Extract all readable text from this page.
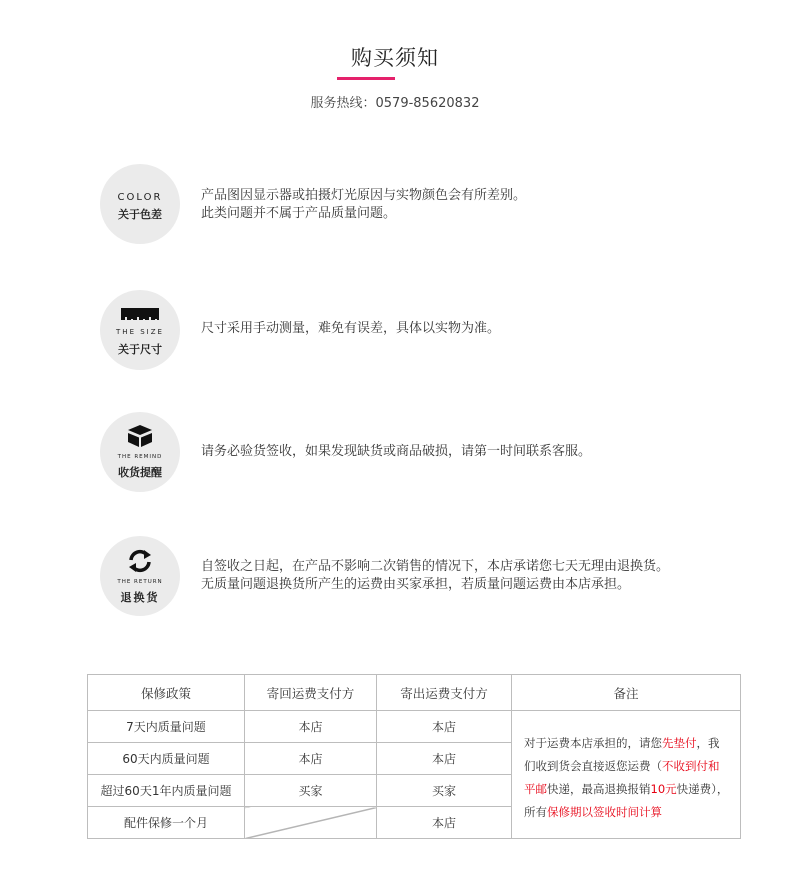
购买须知
服务热线：0579-85620832
COLOR
关于色差
产品图因显示器或拍摄灯光原因与实物颜色会有所差别。
此类问题并不属于产品质量问题。
THE SIZE
关于尺寸
尺寸采用手动测量，难免有误差，具体以实物为准。
THE REMIND
收货提醒
请务必验货签收，如果发现缺货或商品破损，请第一时间联系客服。
THE RETURN
退换货
自签收之日起，在产品不影响二次销售的情况下，本店承诺您七天无理由退换货。
无质量问题退换货所产生的运费由买家承担，若质量问题运费由本店承担。
保修政策	寄回运费支付方	寄出运费支付方	备注
7天内质量问题	本店	本店	对于运费本店承担的，请您先垫付，我们收到货会直接返您运费（不收到付和平邮快递，最高退换报销10元快递费），所有保修期以签收时间计算
60天内质量问题	本店	本店	
超过60天1年内质量问题	买家	买家	
配件保修一个月		本店	
